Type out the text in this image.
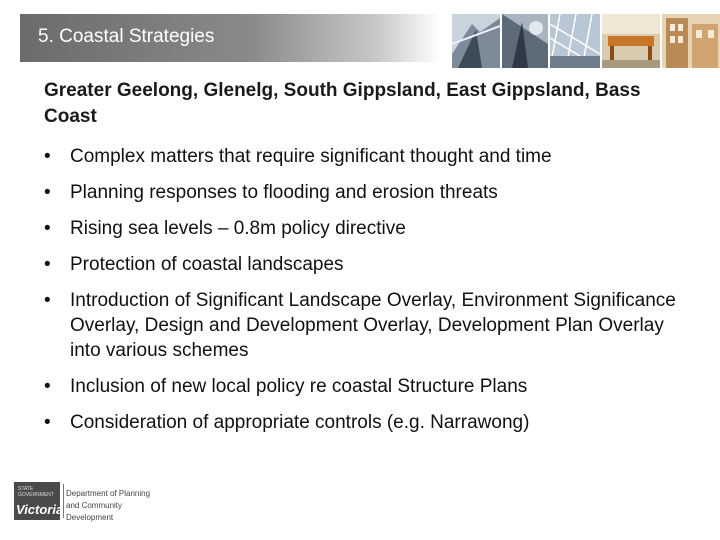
5. Coastal Strategies
Greater Geelong, Glenelg, South Gippsland, East Gippsland, Bass Coast
• Complex matters that require significant thought and time
• Planning responses to flooding and erosion threats
• Rising sea levels – 0.8m policy directive
• Protection of coastal landscapes
• Introduction of Significant Landscape Overlay, Environment Significance Overlay, Design and Development Overlay, Development Plan Overlay into various schemes
• Inclusion of new local policy re coastal Structure Plans
• Consideration of appropriate controls (e.g. Narrawong)
STATE GOVERNMENT
Victoria
Department of Planning
and Community Development
